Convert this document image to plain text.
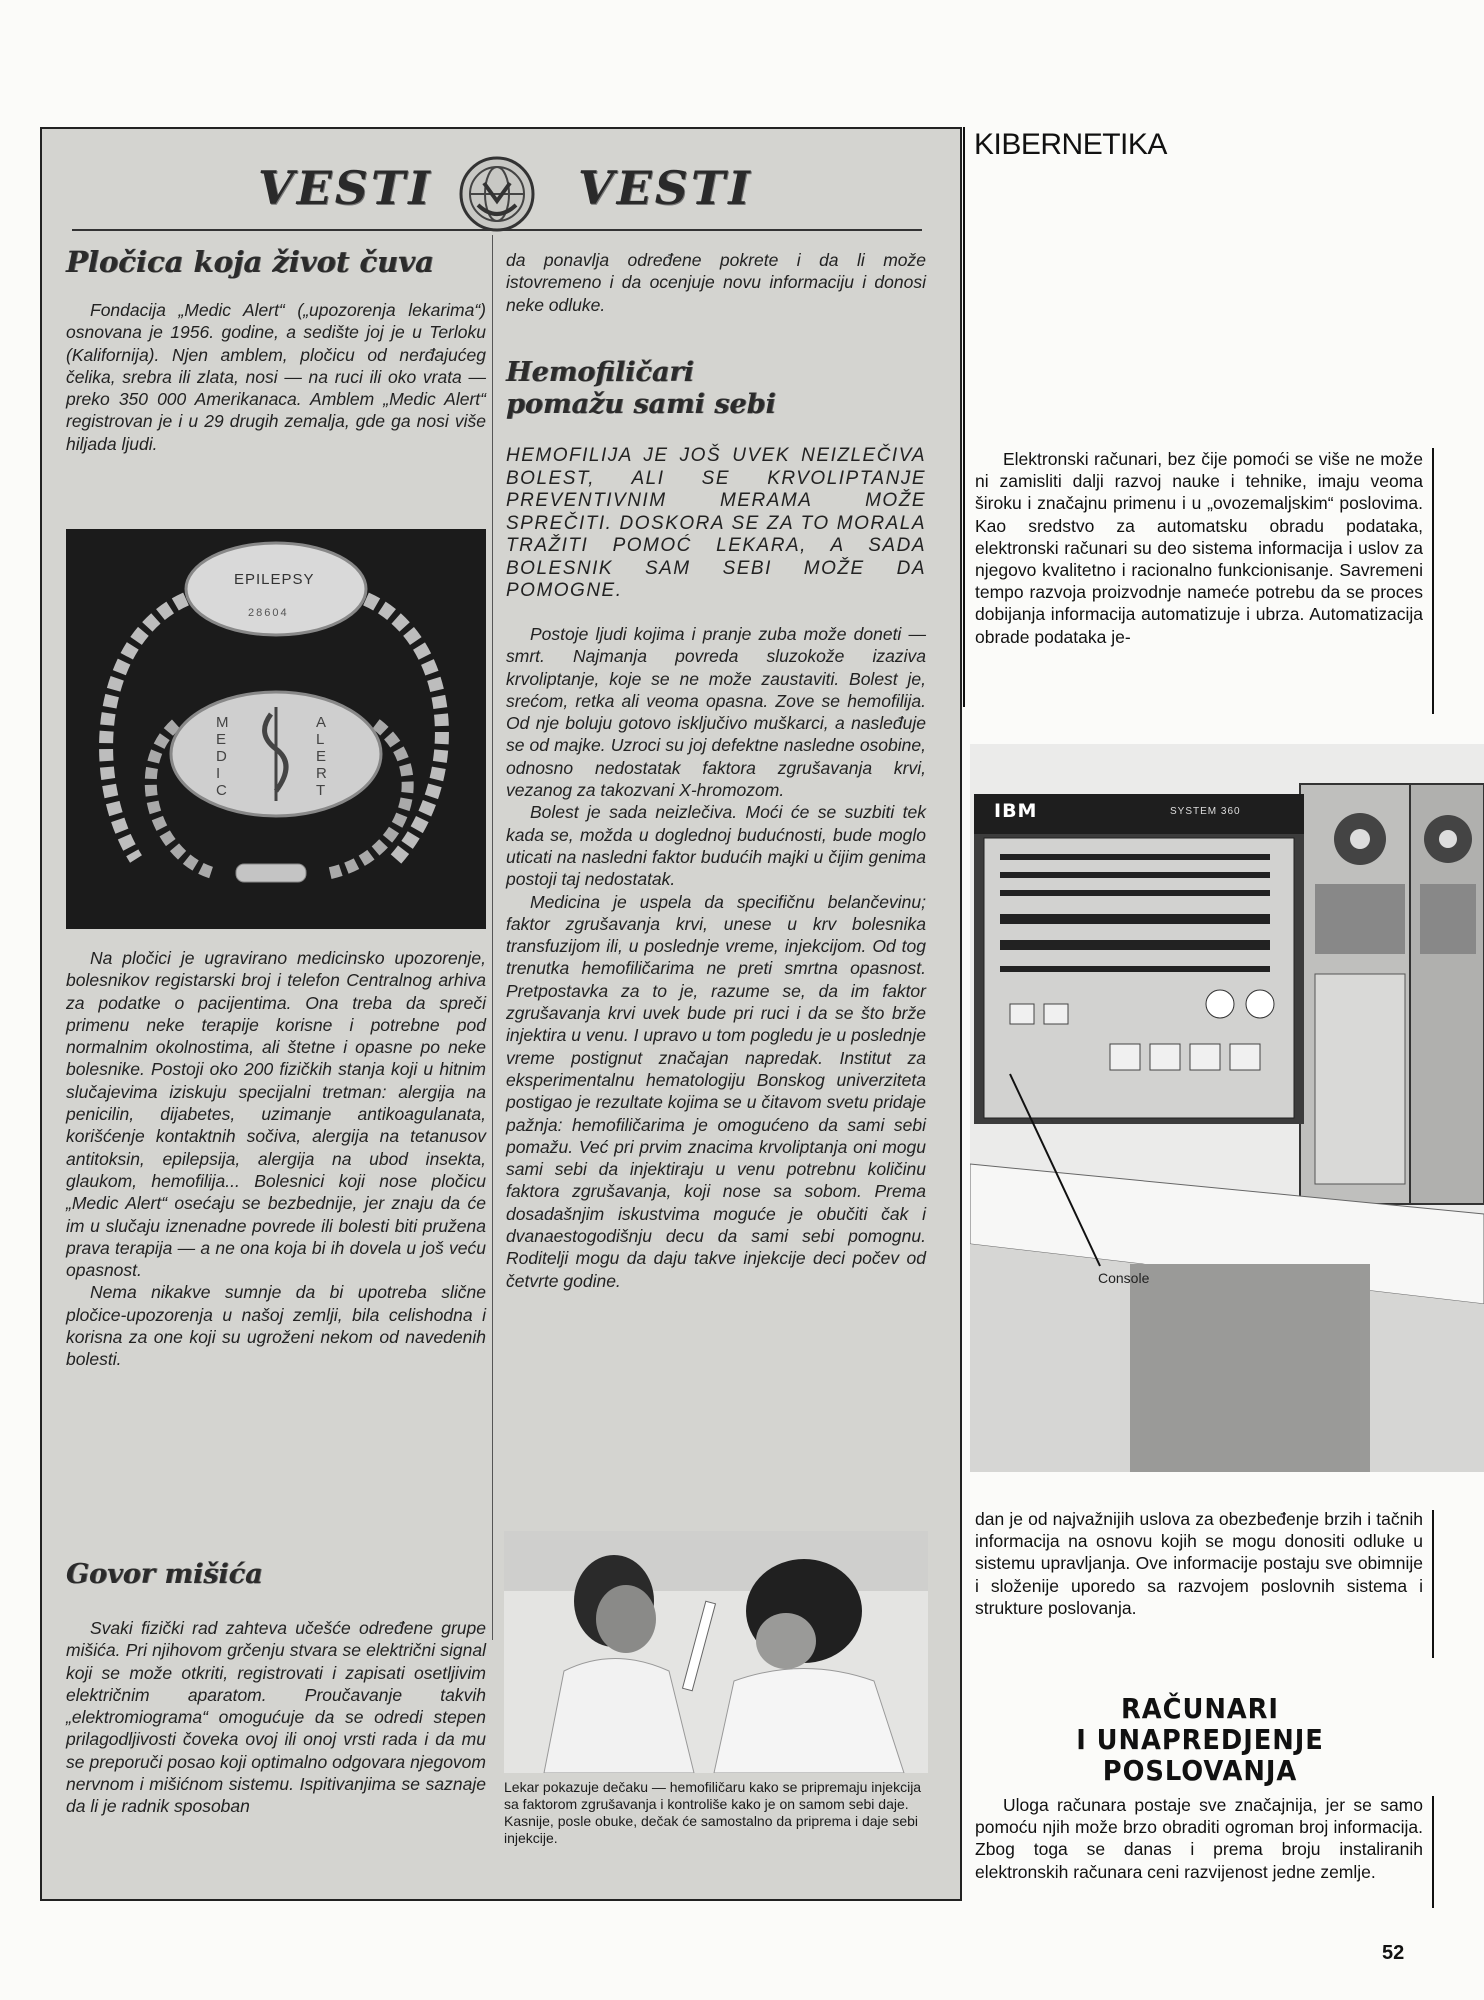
VESTI	VESTI
Pločica koja život čuva

Fondacija „Medic Alert“ („upozorenja lekarima“) osnovana je 1956. godine, a sedište joj je u Terloku (Kalifornija). Njen amblem, pločicu od nerđajućeg čelika, srebra ili zlata, nosi — na ruci ili oko vrata — preko 350 000 Amerikanaca. Amblem „Medic Alert“ registrovan je i u 29 drugih zemalja, gde ga nosi više hiljada ljudi.

EPILEPSY
28604
MEDIC
ALERT

Na pločici je ugravirano medicinsko upozorenje, bolesnikov registarski broj i telefon Centralnog arhiva za podatke o pacijentima. Ona treba da spreči primenu neke terapije korisne i potrebne pod normalnim okolnostima, ali štetne i opasne po neke bolesnike. Postoji oko 200 fizičkih stanja koji u hitnim slučajevima iziskuju specijalni tretman: alergija na penicilin, dijabetes, uzimanje antikoagulanata, korišćenje kontaktnih sočiva, alergija na tetanusov antitoksin, epilepsija, alergija na ubod insekta, glaukom, hemofilija... Bolesnici koji nose pločicu „Medic Alert“ osećaju se bezbednije, jer znaju da će im u slučaju iznenadne povrede ili bolesti biti pružena prava terapija — a ne ona koja bi ih dovela u još veću opasnost.

Nema nikakve sumnje da bi upotreba slične pločice-upozorenja u našoj zemlji, bila celishodna i korisna za one koji su ugroženi nekom od navedenih bolesti.

Govor mišića

Svaki fizički rad zahteva učešće određene grupe mišića. Pri njihovom grčenju stvara se električni signal koji se može otkriti, registrovati i zapisati osetljivim električnim aparatom. Proučavanje takvih „elektromiograma“ omogućuje da se odredi stepen prilagodljivosti čoveka ovoj ili onoj vrsti rada i da mu se preporuči posao koji optimalno odgovara njegovom nervnom i mišićnom sistemu. Ispitivanjima se saznaje da li je radnik sposoban

da ponavlja određene pokrete i da li može istovremeno i da ocenjuje novu informaciju i donosi neke odluke.

Hemofiličari
pomažu sami sebi
HEMOFILIJA JE JOŠ UVEK NEIZLEČIVA BOLEST, ALI SE KRVOLIPTANJE PREVENTIVNIM MERAMA MOŽE SPREČITI. DOSKORA SE ZA TO MORALA TRAŽITI POMOĆ LEKARA, A SADA BOLESNIK SAM SEBI MOŽE DA POMOGNE.

Postoje ljudi kojima i pranje zuba može doneti — smrt. Najmanja povreda sluzokože izaziva krvoliptanje, koje se ne može zaustaviti. Bolest je, srećom, retka ali veoma opasna. Zove se hemofilija. Od nje boluju gotovo isključivo muškarci, a nasleđuje se od majke. Uzroci su joj defektne nasledne osobine, odnosno nedostatak faktora zgrušavanja krvi, vezanog za takozvani X-hromozom.

Bolest je sada neizlečiva. Moći će se suzbiti tek kada se, možda u doglednoj budućnosti, bude moglo uticati na naslednі faktor budućih majki u čijim genima postoji taj nedostatak.

Medicina je uspela da specifičnu belančevinu; faktor zgrušavanja krvi, unese u krv bolesnika transfuzijom ili, u poslednje vreme, injekcijom. Od tog trenutka hemofiličarima ne preti smrtna opasnost. Pretpostavka za to je, razume se, da im faktor zgrušavanja krvi uvek bude pri ruci i da se što brže injektira u venu. I upravo u tom pogledu je u poslednje vreme postignut značajan napredak. Institut za eksperimentalnu hematologiju Bonskog univerziteta postigao je rezultate kojima se u čitavom svetu pridaje pažnja: hemofiličarima je omogućeno da sami sebi pomažu. Već pri prvim znacima krvoliptanja oni mogu sami sebi da injektiraju u venu potrebnu količinu faktora zgrušavanja, koji nose sa sobom. Prema dosadašnjim iskustvima moguće je obučiti čak i dvanaestogodišnju decu da sami sebi pomognu. Roditelji mogu da daju takve injekcije deci počev od četvrte godine.

Lekar pokazuje dečaku — hemofiličaru kako se pripremaju injekcija sa faktorom zgrušavanja i kontroliše kako je on samom sebi daje. Kasnije, posle obuke, dečak će samostalno da priprema i daje sebi injekcije.
KIBERNETIKA

Elektronski računari, bez čije pomoći se više ne može ni zamisliti dalji razvoj nauke i tehnike, imaju veoma široku i značajnu primenu i u „ovozemaljskim“ poslovima. Kao sredstvo za automatsku obradu podataka, elektronski računari su deo sistema informacija i uslov za njegovo kvalitetno i racionalno funkcionisanje. Savremeni tempo razvoja proizvodnje nameće potrebu da se proces dobijanja informacija automatizuje i ubrza. Automatizacija obrade podataka je-

IBM	SYSTEM 360
Console

dan je od najvažnijih uslova za obezbeđenje brzih i tačnih informacija na osnovu kojih se mogu donositi odluke u sistemu upravljanja. Ove informacije postaju sve obimnije i složenije uporedo sa razvojem poslovnih sistema i strukture poslovanja.

RAČUNARI
I UNAPREDJENJE
POSLOVANJA

Uloga računara postaje sve značajnija, jer se samo pomoću njih može brzo obraditi ogroman broj informacija. Zbog toga se danas i prema broju instaliranih elektronskih računara ceni razvijenost jedne zemlje.

52
